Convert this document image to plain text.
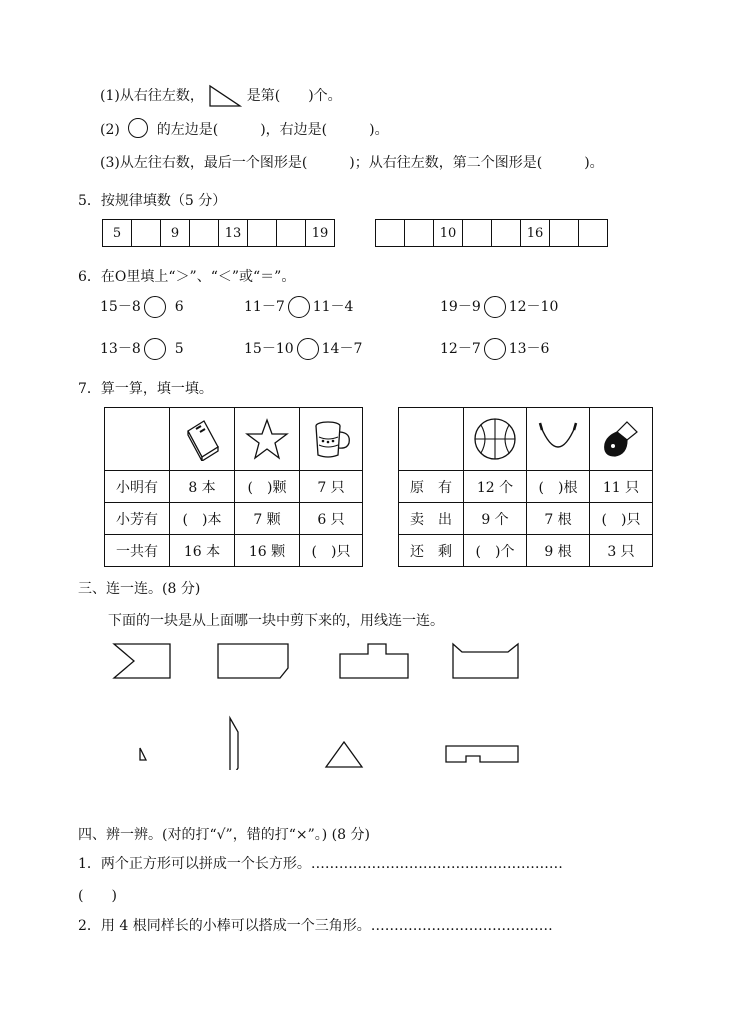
(1)从右往左数，	是第(　　)个。
(2)	的左边是(　　　)，右边是(　　　)。
(3)从左往右数，最后一个图形是(　　　)；从右往左数，第二个图形是(　　　)。
5．按规律填数（5 分）
5		9		13			19
			10			16		
6．在O里填上“＞”、“＜”或“＝”。
15－8 6	11－7 11－4	19－9 12－10
13－8 5	15－10 14－7	12－7 13－6
7．算一算，填一填。

小明有	8 本	(　)颗	7 只
小芳有	(　)本	7 颗	6 只
一共有	16 本	16 颗	(　)只

原　有	12 个	(　)根	11 只
卖　出	9 个	7 根	(　)只
还　剩	(　)个	9 根	3 只
三、连一连。(8 分)
下面的一块是从上面哪一块中剪下来的，用线连一连。
四、辨一辨。(对的打“√”，错的打“×”。) (8 分)
1．两个正方形可以拼成一个长方形。………………………………………………
(　　)
2．用 4 根同样长的小棒可以搭成一个三角形。…………………………………
